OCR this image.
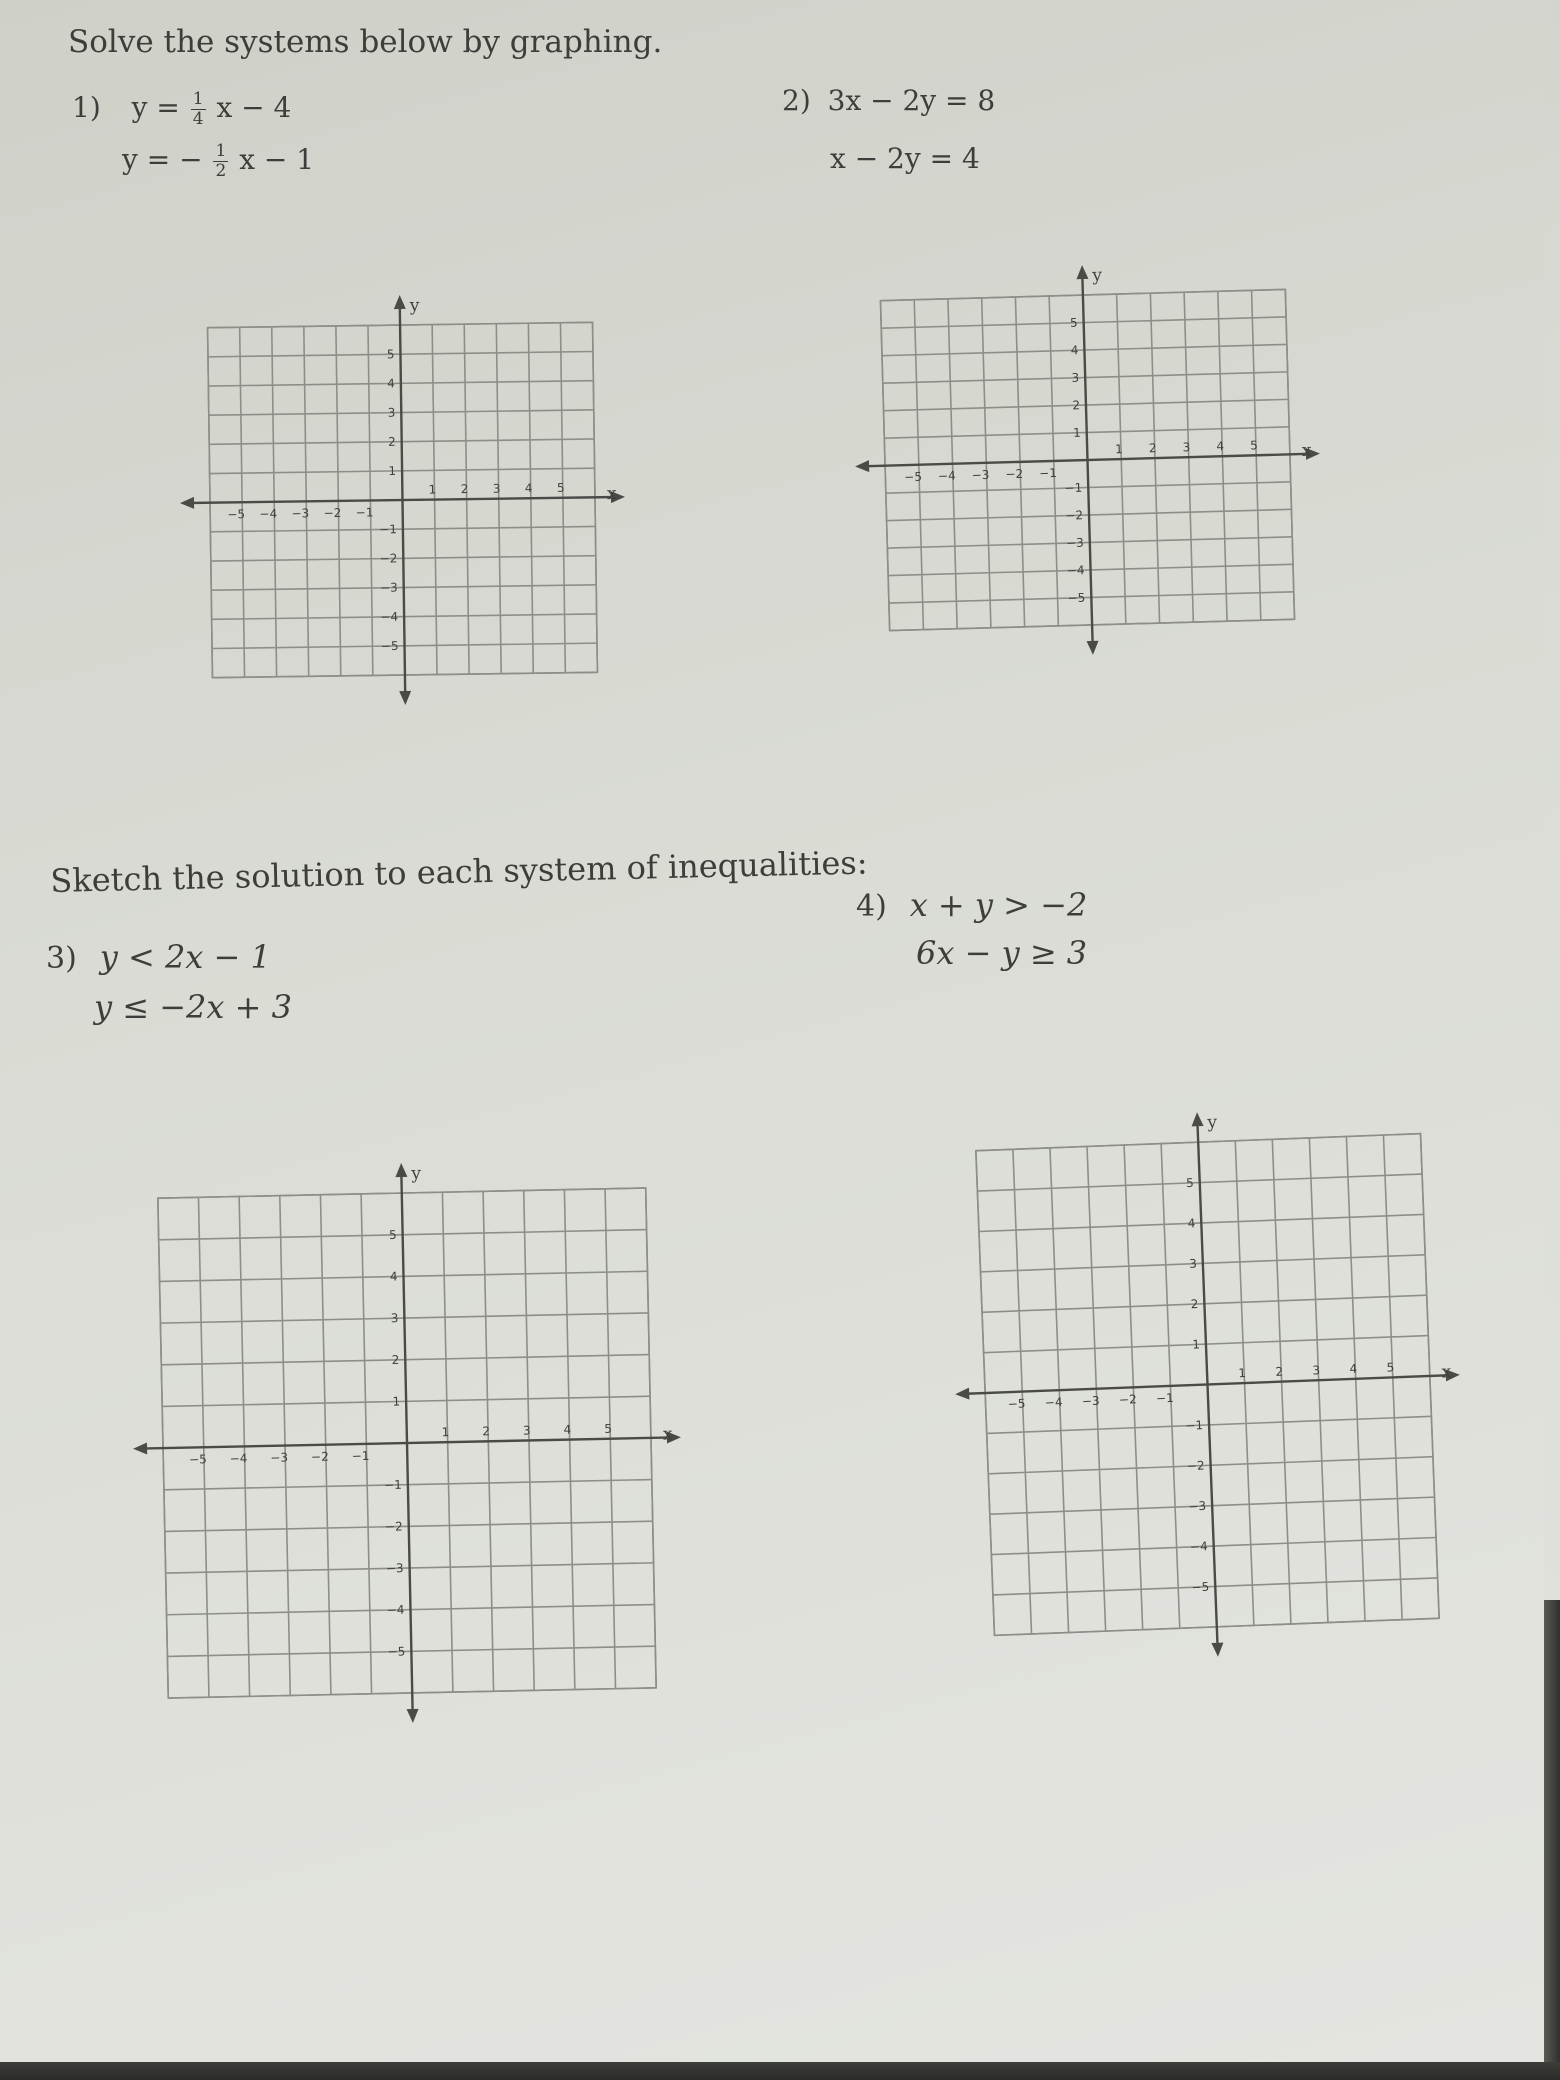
Solve the systems below by graphing.
1) $y = \frac{1}{4}$ x − 4
y = − $\frac{1}{2}$ x − 1
2) 3x − 2y = 8
x − 2y = 4
Sketch the solution to each system of inequalities:
3) y < 2x − 1
y ≤ −2x + 3
4) x + y > −2
6x − y ≥ 3
−5 −4 −3 −2 −1
1 2 3 4 5
5
4
3
2
1
−1
−2
−3
−4
−5
x
y
−5 −4 −3 −2 −1
1 2 3 4 5
5
4
3
2
1
−1
−2
−3
−4
−5
x
y
−5 −4 −3 −2 −1
1	2	3	4	5
5
4
3
2
1
−1
−2
−3
−4
−5
x
y
−5 −4 −3 −2 −1
1 2 3 4 5
5
4
3
2
1
−1
−2
−3
−4
−5
x
y
